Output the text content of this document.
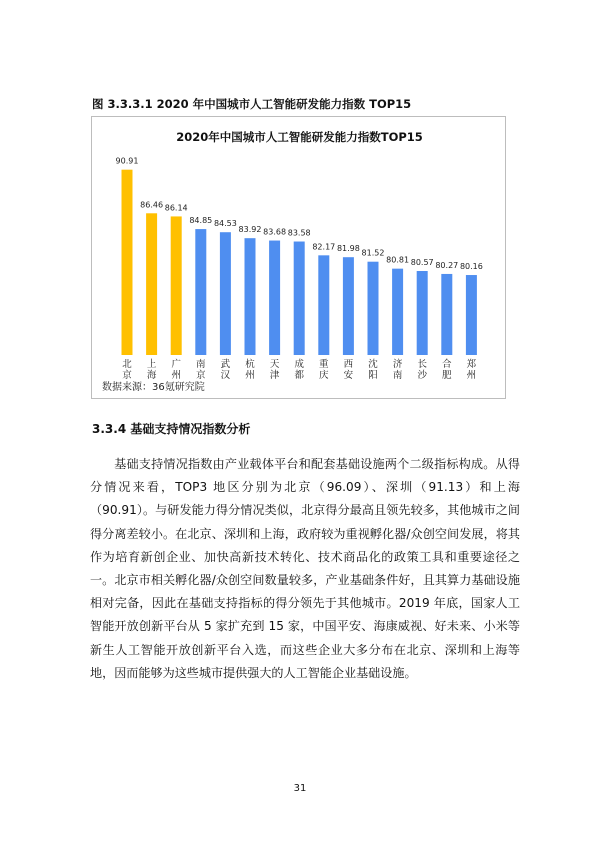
图 3.3.3.1 2020 年中国城市人工智能研发能力指数 TOP15
2020年中国城市人工智能研发能力指数TOP15
90.91
86.46 86.14
84.85 84.53
83.92 83.68 83.58
82.17 81.98 81.52
80.81 80.57 80.27 80.16
北京
上海
广州
南京
武汉
杭州
天津
成都
重庆
西安
沈阳
济南
长沙
合肥
郑州
数据来源：36氪研究院
3.3.4 基础支持情况指数分析

基础支持情况指数由产业载体平台和配套基础设施两个二级指标构成。从得分情况来看，TOP3 地区分别为北京（96.09）、深圳（91.13）和上海（90.91）。与研发能力得分情况类似，北京得分最高且领先较多，其他城市之间得分离差较小。在北京、深圳和上海，政府较为重视孵化器/众创空间发展，将其作为培育新创企业、加快高新技术转化、技术商品化的政策工具和重要途径之一。北京市相关孵化器/众创空间数量较多，产业基础条件好，且其算力基础设施相对完备，因此在基础支持指标的得分领先于其他城市。2019 年底，国家人工智能开放创新平台从 5 家扩充到 15 家，中国平安、海康威视、好未来、小米等新生人工智能开放创新平台入选，而这些企业大多分布在北京、深圳和上海等地，因而能够为这些城市提供强大的人工智能企业基础设施。

31
